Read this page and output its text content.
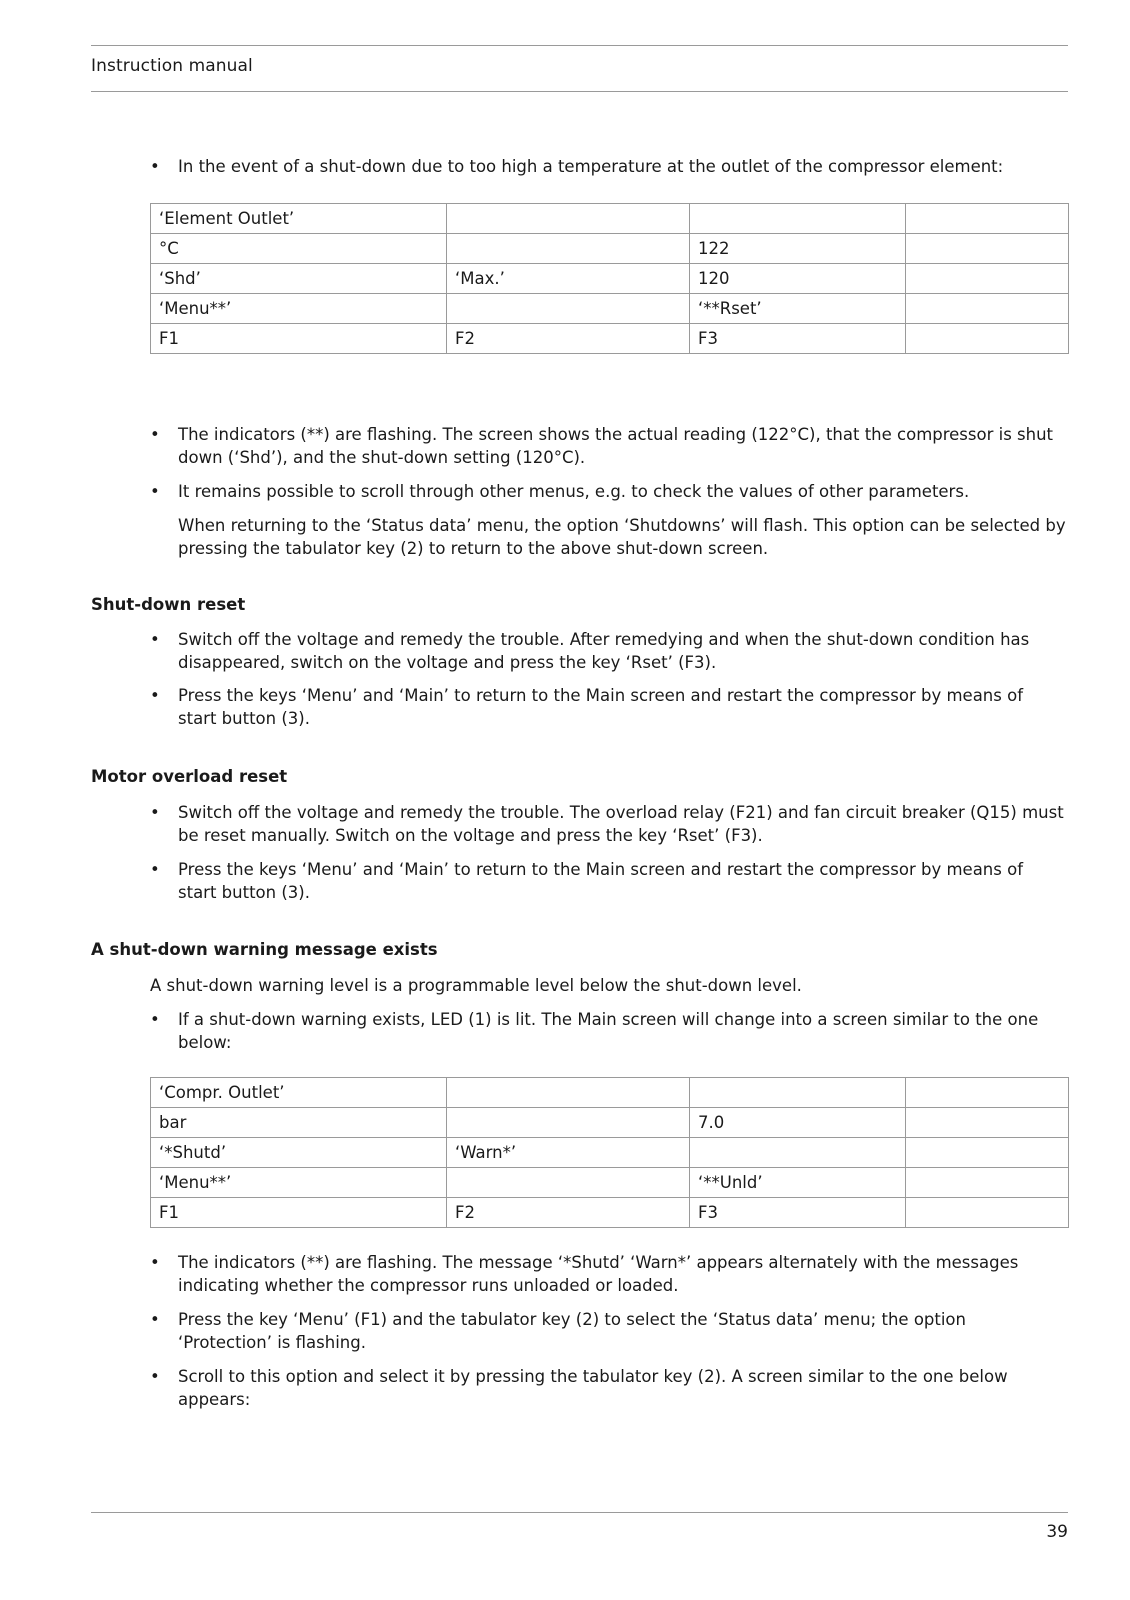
Instruction manual
•	In the event of a shut-down due to too high a temperature at the outlet of the compressor element:
‘Element Outlet’			
°C		122	
‘Shd’	‘Max.’	120	
‘Menu**’		‘**Rset’	
F1	F2	F3	
•	The indicators (**) are flashing. The screen shows the actual reading (122°C), that the compressor is shut down (‘Shd’), and the shut-down setting (120°C).
•	It remains possible to scroll through other menus, e.g. to check the values of other parameters.
When returning to the ‘Status data’ menu, the option ‘Shutdowns’ will flash. This option can be selected by pressing the tabulator key (2) to return to the above shut-down screen.
Shut-down reset
•	Switch off the voltage and remedy the trouble. After remedying and when the shut-down condition has disappeared, switch on the voltage and press the key ‘Rset’ (F3).
•	Press the keys ‘Menu’ and ‘Main’ to return to the Main screen and restart the compressor by means of start button (3).
Motor overload reset
•	Switch off the voltage and remedy the trouble. The overload relay (F21) and fan circuit breaker (Q15) must be reset manually. Switch on the voltage and press the key ‘Rset’ (F3).
•	Press the keys ‘Menu’ and ‘Main’ to return to the Main screen and restart the compressor by means of start button (3).
A shut-down warning message exists
A shut-down warning level is a programmable level below the shut-down level.
•	If a shut-down warning exists, LED (1) is lit. The Main screen will change into a screen similar to the one below:
‘Compr. Outlet’			
bar		7.0	
‘*Shutd’	‘Warn*’		
‘Menu**’		‘**Unld’	
F1	F2	F3	
•	The indicators (**) are flashing. The message ‘*Shutd’ ‘Warn*’ appears alternately with the messages indicating whether the compressor runs unloaded or loaded.
•	Press the key ‘Menu’ (F1) and the tabulator key (2) to select the ‘Status data’ menu; the option ‘Protection’ is flashing.
•	Scroll to this option and select it by pressing the tabulator key (2). A screen similar to the one below appears:
39
